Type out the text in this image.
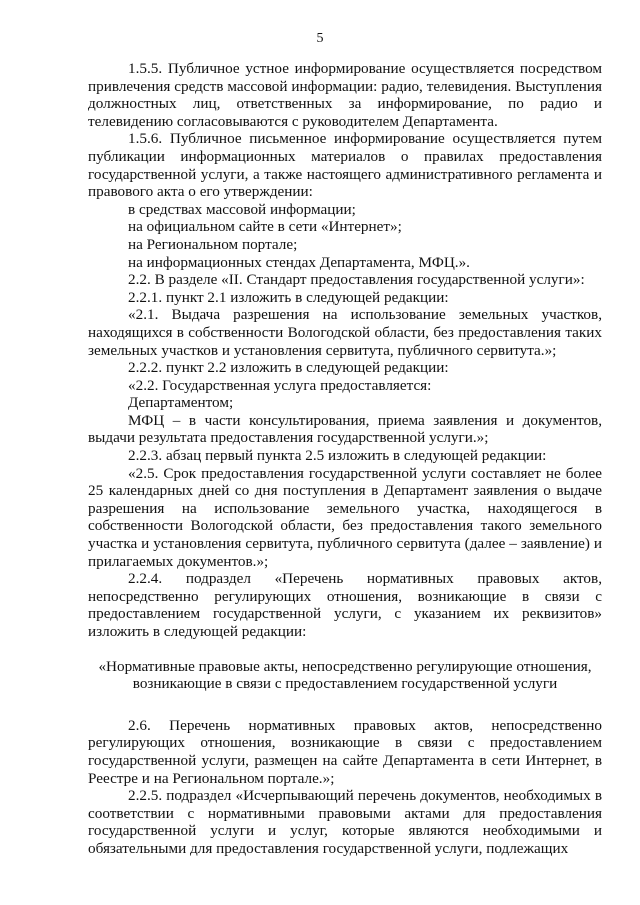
5

1.5.5. Публичное устное информирование осуществляется посредством привлечения средств массовой информации: радио, телевидения. Выступления должностных лиц, ответственных за информирование, по радио и телевидению согласовываются с руководителем Департамента.

1.5.6. Публичное письменное информирование осуществляется путем публикации информационных материалов о правилах предоставления государственной услуги, а также настоящего административного регламента и правового акта о его утверждении:

в средствах массовой информации;

на официальном сайте в сети «Интернет»;

на Региональном портале;

на информационных стендах Департамента, МФЦ.».

2.2. В разделе «II. Стандарт предоставления государственной услуги»:

2.2.1. пункт 2.1 изложить в следующей редакции:

«2.1. Выдача разрешения на использование земельных участков, находящихся в собственности Вологодской области, без предоставления таких земельных участков и установления сервитута, публичного сервитута.»;

2.2.2. пункт 2.2 изложить в следующей редакции:

«2.2. Государственная услуга предоставляется:

Департаментом;

МФЦ – в части консультирования, приема заявления и документов, выдачи результата предоставления государственной услуги.»;

2.2.3. абзац первый пункта 2.5 изложить в следующей редакции:

«2.5. Срок предоставления государственной услуги составляет не более 25 календарных дней со дня поступления в Департамент заявления о выдаче разрешения на использование земельного участка, находящегося в собственности Вологодской области, без предоставления такого земельного участка и установления сервитута, публичного сервитута (далее – заявление) и прилагаемых документов.»;

2.2.4. подраздел «Перечень нормативных правовых актов, непосредственно регулирующих отношения, возникающие в связи с предоставлением государственной услуги, с указанием их реквизитов» изложить в следующей редакции:

«Нормативные правовые акты, непосредственно регулирующие отношения,
возникающие в связи с предоставлением государственной услуги

2.6. Перечень нормативных правовых актов, непосредственно регулирующих отношения, возникающие в связи с предоставлением государственной услуги, размещен на сайте Департамента в сети Интернет, в Реестре и на Региональном портале.»;

2.2.5. подраздел «Исчерпывающий перечень документов, необходимых в соответствии с нормативными правовыми актами для предоставления государственной услуги и услуг, которые являются необходимыми и обязательными для предоставления государственной услуги, подлежащих
